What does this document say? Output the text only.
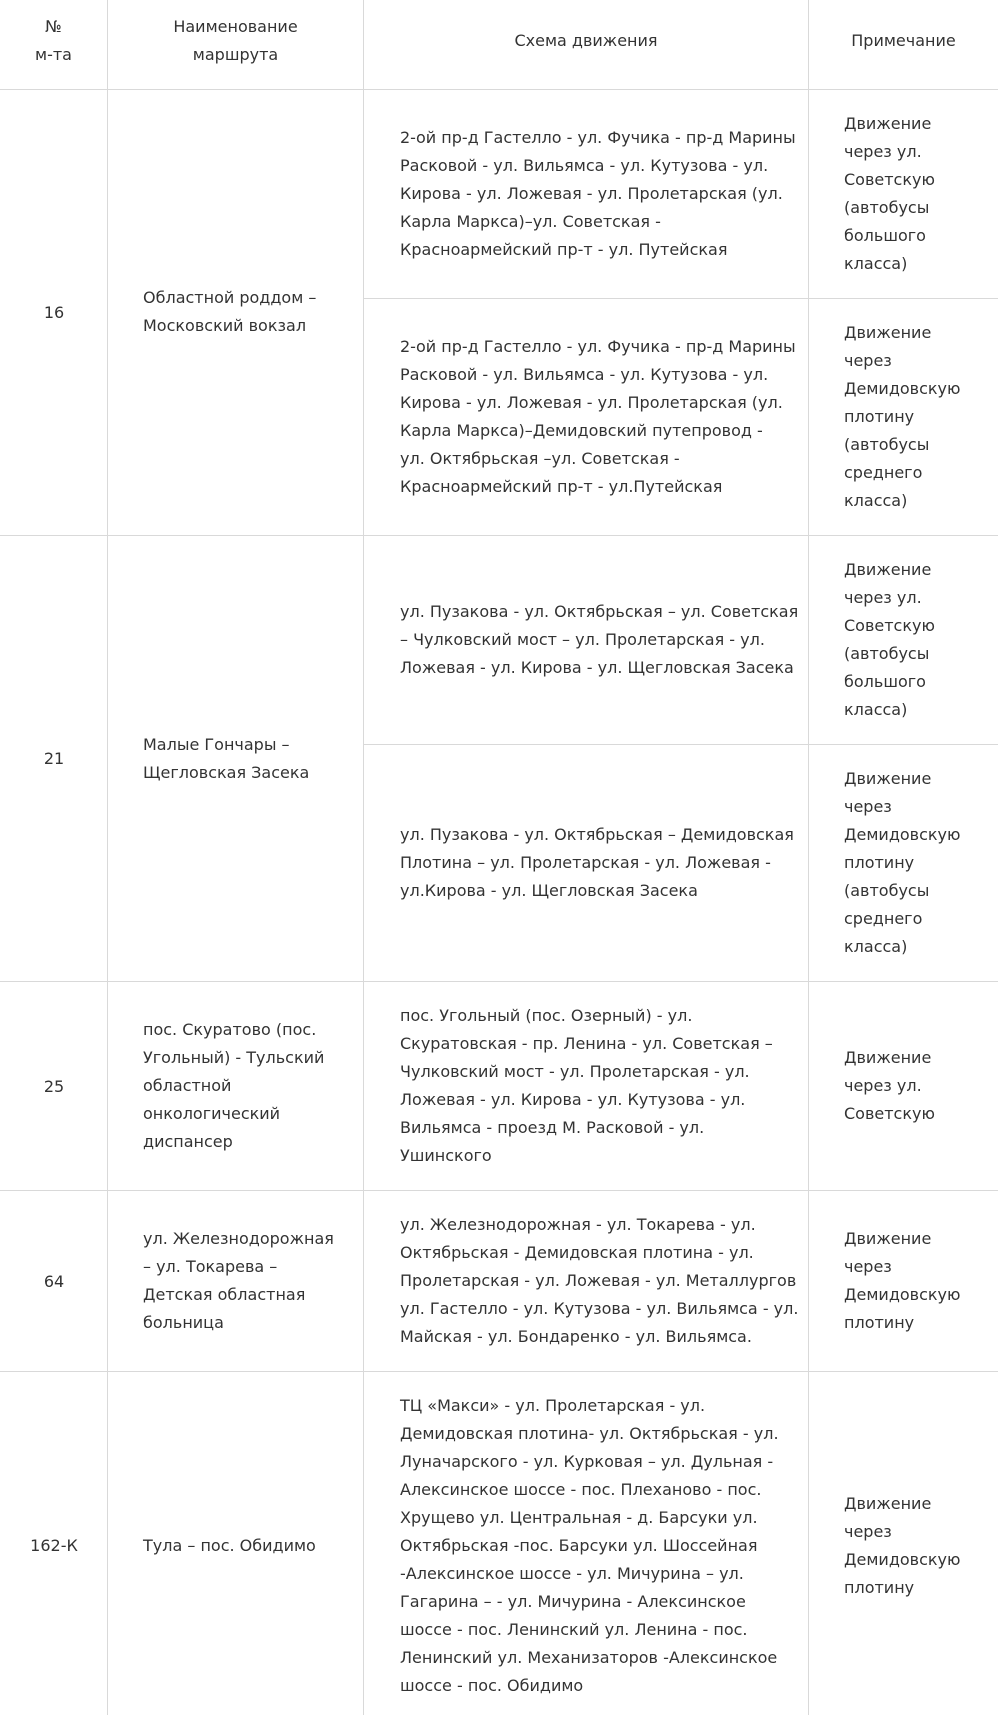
№
м-та
Наименование
маршрута
Схема движения	Примечание
16
Областной роддом –
Московский вокзал
2-ой пр-д Гастелло - ул. Фучика - пр-д Марины
Расковой - ул. Вильямса - ул. Кутузова - ул.
Кирова - ул. Ложевая - ул. Пролетарская (ул.
Карла Маркса)–ул. Советская -
Красноармейский пр-т - ул. Путейская
Движение
через ул.
Советскую
(автобусы
большого
класса)
2-ой пр-д Гастелло - ул. Фучика - пр-д Марины
Расковой - ул. Вильямса - ул. Кутузова - ул.
Кирова - ул. Ложевая - ул. Пролетарская (ул.
Карла Маркса)–Демидовский путепровод -
ул. Октябрьская –ул. Советская -
Красноармейский пр-т - ул.Путейская
Движение
через
Демидовскую
плотину
(автобусы
среднего
класса)
21
Малые Гончары –
Щегловская Засека
ул. Пузакова - ул. Октябрьская – ул. Советская
– Чулковский мост – ул. Пролетарская - ул.
Ложевая - ул. Кирова - ул. Щегловская Засека
Движение
через ул.
Советскую
(автобусы
большого
класса)
ул. Пузакова - ул. Октябрьская – Демидовская
Плотина – ул. Пролетарская - ул. Ложевая -
ул.Кирова - ул. Щегловская Засека
Движение
через
Демидовскую
плотину
(автобусы
среднего
класса)
25
пос. Скуратово (пос.
Угольный) - Тульский
областной
онкологический
диспансер
пос. Угольный (пос. Озерный) - ул.
Скуратовская - пр. Ленина - ул. Советская –
Чулковский мост - ул. Пролетарская - ул.
Ложевая - ул. Кирова - ул. Кутузова - ул.
Вильямса - проезд М. Расковой - ул.
Ушинского
Движение
через ул.
Советскую
64
ул. Железнодорожная
– ул. Токарева –
Детская областная
больница
ул. Железнодорожная - ул. Токарева - ул.
Октябрьская - Демидовская плотина - ул.
Пролетарская - ул. Ложевая - ул. Металлургов
ул. Гастелло - ул. Кутузова - ул. Вильямса - ул.
Майская - ул. Бондаренко - ул. Вильямса.
Движение
через
Демидовскую
плотину
162-К	Тула – пос. Обидимо
ТЦ «Макси» - ул. Пролетарская - ул.
Демидовская плотина- ул. Октябрьская - ул.
Луначарского - ул. Курковая – ул. Дульная -
Алексинское шоссе - пос. Плеханово - пос.
Хрущево ул. Центральная - д. Барсуки ул.
Октябрьская -пос. Барсуки ул. Шоссейная
-Алексинское шоссе - ул. Мичурина – ул.
Гагарина – - ул. Мичурина - Алексинское
шоссе - пос. Ленинский ул. Ленина - пос.
Ленинский ул. Механизаторов -Алексинское
шоссе - пос. Обидимо
Движение
через
Демидовскую
плотину
